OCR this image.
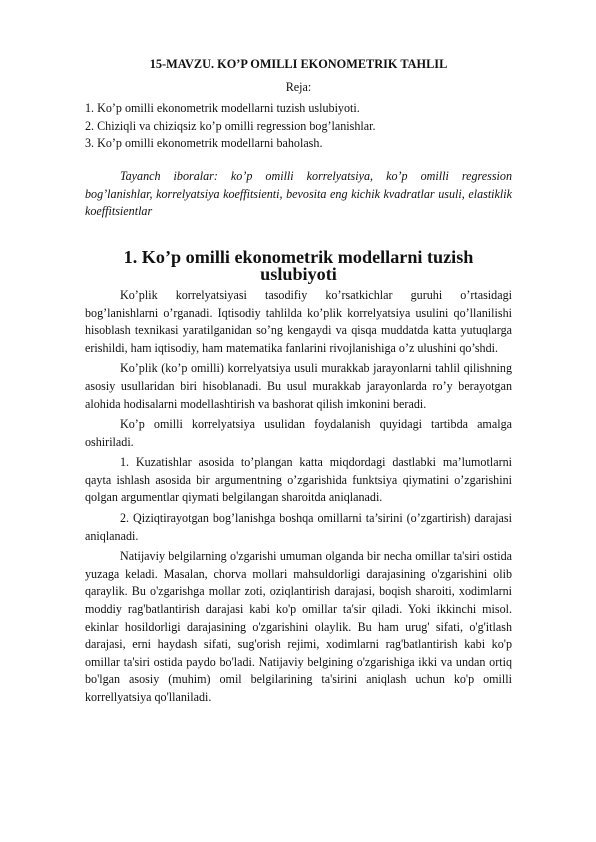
15-MAVZU. KO’P OMILLI EKONOMETRIK TAHLIL

Reja:

1. Ko’p omilli ekonometrik modellarni tuzish uslubiyoti.

2. Chiziqli va chiziqsiz ko’p omilli regression bog’lanishlar.

3. Ko’p omilli ekonometrik modellarni baholash.

Tayanch iboralar: ko’p omilli korrelyatsiya, ko’p omilli regression bog’lanishlar, korrelyatsiya koeffitsienti, bevosita eng kichik kvadratlar usuli, elastiklik koeffitsientlar

1. Ko’p omilli ekonometrik modellarni tuzish uslubiyoti

Ko’plik korrelyatsiyasi tasodifiy ko’rsatkichlar guruhi o’rtasidagi bog’lanishlarni o’rganadi. Iqtisodiy tahlilda ko’plik korrelyatsiya usulini qo’llanilishi hisoblash texnikasi yaratilganidan so’ng kengaydi va qisqa muddatda katta yutuqlarga erishildi, ham iqtisodiy, ham matematika fanlarini rivojlanishiga o’z ulushini qo’shdi.

Ko’plik (ko’p omilli) korrelyatsiya usuli murakkab jarayonlarni tahlil qilishning asosiy usullaridan biri hisoblanadi. Bu usul murakkab jarayonlarda ro’y berayotgan alohida hodisalarni modellashtirish va bashorat qilish imkonini beradi.

Ko’p omilli korrelyatsiya usulidan foydalanish quyidagi tartibda amalga oshiriladi.

1. Kuzatishlar asosida to’plangan katta miqdordagi dastlabki ma’lumotlarni qayta ishlash asosida bir argumentning o’zgarishida funktsiya qiymatini o’zgarishini qolgan argumentlar qiymati belgilangan sharoitda aniqlanadi.

2. Qiziqtirayotgan bog’lanishga boshqa omillarni ta’sirini (o’zgartirish) darajasi aniqlanadi.

Natijaviy belgilarning o'zgarishi umuman olganda bir necha omillar ta'siri ostida yuzaga keladi. Masalan, chorva mollari mahsuldorligi darajasining o'zgarishini olib qaraylik. Bu o'zgarishga mollar zoti, oziqlantirish darajasi, boqish sharoiti, xodimlarni moddiy rag'batlantirish darajasi kabi ko'p omillar ta'sir qiladi. Yoki ikkinchi misol. ekinlar hosildorligi darajasining o'zgarishini olaylik. Bu ham urug' sifati, o'g'itlash darajasi, erni haydash sifati, sug'orish rejimi, xodimlarni rag'batlantirish kabi ko'p omillar ta'siri ostida paydo bo'ladi. Natijaviy belgining o'zgarishiga ikki va undan ortiq bo'lgan asosiy (muhim) omil belgilarining ta'sirini aniqlash uchun ko'p omilli korrellyatsiya qo'llaniladi.
